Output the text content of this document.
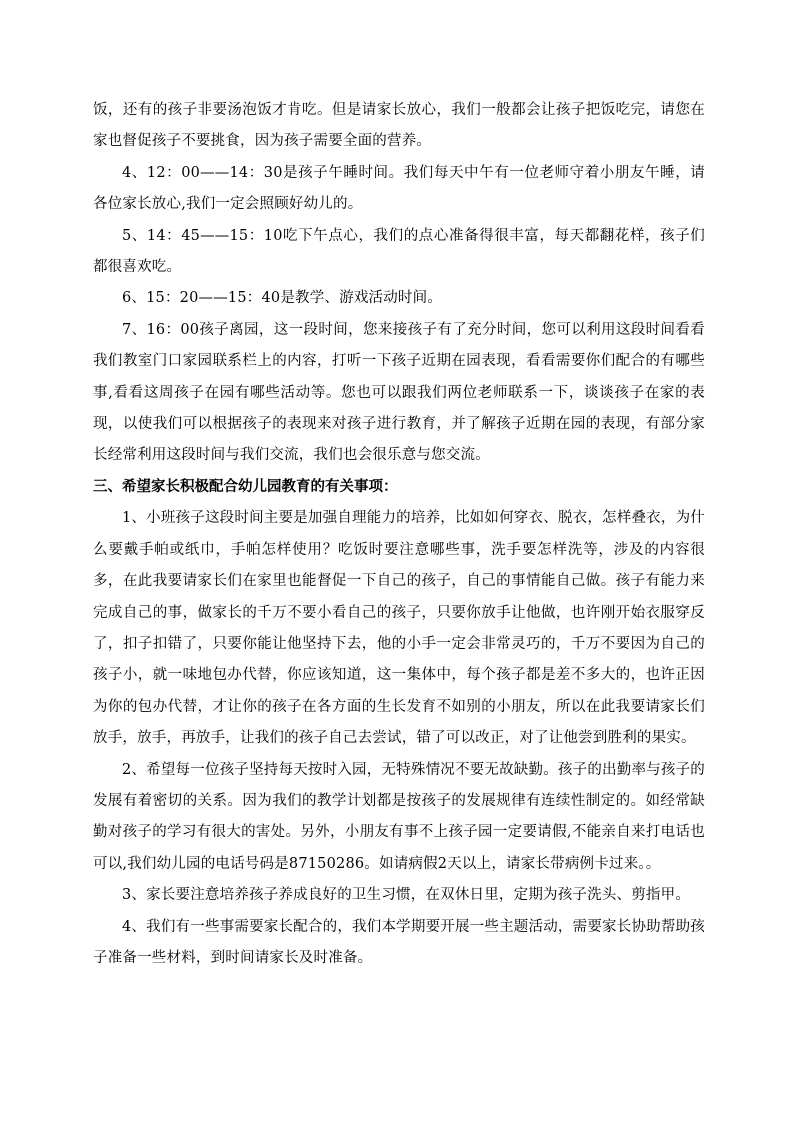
饭，还有的孩子非要汤泡饭才肯吃。但是请家长放心，我们一般都会让孩子把饭吃完，请您在家也督促孩子不要挑食，因为孩子需要全面的营养。

4、12：00——14：30是孩子午睡时间。我们每天中午有一位老师守着小朋友午睡，请各位家长放心,我们一定会照顾好幼儿的。

5、14：45——15：10吃下午点心，我们的点心准备得很丰富，每天都翻花样，孩子们都很喜欢吃。

6、15：20——15：40是教学、游戏活动时间。

7、16：00孩子离园，这一段时间，您来接孩子有了充分时间，您可以利用这段时间看看我们教室门口家园联系栏上的内容，打听一下孩子近期在园表现，看看需要你们配合的有哪些事,看看这周孩子在园有哪些活动等。您也可以跟我们两位老师联系一下，谈谈孩子在家的表现，以使我们可以根据孩子的表现来对孩子进行教育，并了解孩子近期在园的表现，有部分家长经常利用这段时间与我们交流，我们也会很乐意与您交流。

三、希望家长积极配合幼儿园教育的有关事项：

1、小班孩子这段时间主要是加强自理能力的培养，比如如何穿衣、脱衣，怎样叠衣，为什么要戴手帕或纸巾，手帕怎样使用？吃饭时要注意哪些事，洗手要怎样洗等，涉及的内容很多，在此我要请家长们在家里也能督促一下自己的孩子，自己的事情能自己做。孩子有能力来完成自己的事，做家长的千万不要小看自己的孩子，只要你放手让他做，也许刚开始衣服穿反了，扣子扣错了，只要你能让他坚持下去，他的小手一定会非常灵巧的，千万不要因为自己的孩子小，就一味地包办代替，你应该知道，这一集体中，每个孩子都是差不多大的，也许正因为你的包办代替，才让你的孩子在各方面的生长发育不如别的小朋友，所以在此我要请家长们放手，放手，再放手，让我们的孩子自己去尝试，错了可以改正，对了让他尝到胜利的果实。

2、希望每一位孩子坚持每天按时入园，无特殊情况不要无故缺勤。孩子的出勤率与孩子的发展有着密切的关系。因为我们的教学计划都是按孩子的发展规律有连续性制定的。如经常缺勤对孩子的学习有很大的害处。另外，小朋友有事不上孩子园一定要请假,不能亲自来打电话也可以,我们幼儿园的电话号码是87150286。如请病假2天以上，请家长带病例卡过来。。

3、家长要注意培养孩子养成良好的卫生习惯，在双休日里，定期为孩子洗头、剪指甲。

4、我们有一些事需要家长配合的，我们本学期要开展一些主题活动，需要家长协助帮助孩子准备一些材料，到时间请家长及时准备。
